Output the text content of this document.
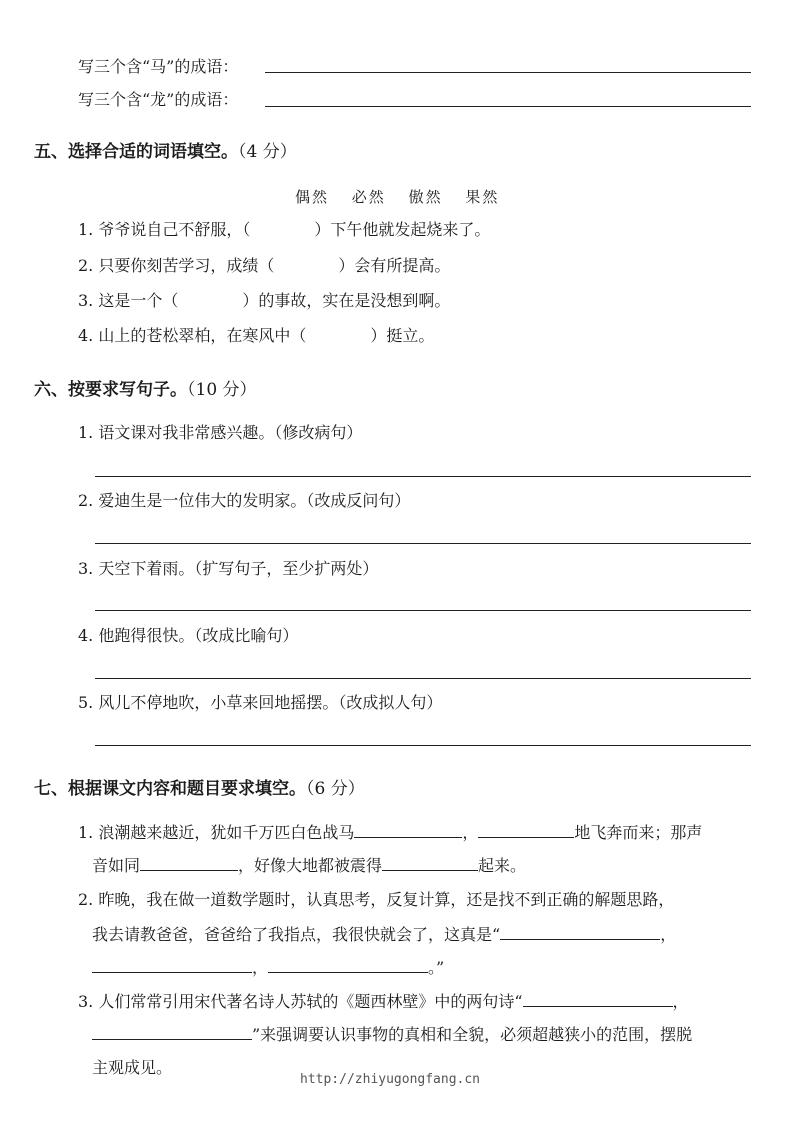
写三个含“马”的成语：
写三个含“龙”的成语：
五、选择合适的词语填空。（4 分）
偶然 必然 傲然 果然
1. 爷爷说自己不舒服，（	）下午他就发起烧来了。
2. 只要你刻苦学习，成绩（	）会有所提高。
3. 这是一个（	）的事故，实在是没想到啊。
4. 山上的苍松翠柏，在寒风中（	）挺立。
六、按要求写句子。（10 分）
1. 语文课对我非常感兴趣。（修改病句）
2. 爱迪生是一位伟大的发明家。（改成反问句）
3. 天空下着雨。（扩写句子，至少扩两处）
4. 他跑得很快。（改成比喻句）
5. 风儿不停地吹，小草来回地摇摆。（改成拟人句）
七、根据课文内容和题目要求填空。（6 分）
1. 浪潮越来越近，犹如千万匹白色战马	，	地飞奔而来；那声
音如同	，好像大地都被震得	起来。
2. 昨晚，我在做一道数学题时，认真思考，反复计算，还是找不到正确的解题思路，
我去请教爸爸，爸爸给了我指点，我很快就会了，这真是“	，
，	。”
3. 人们常常引用宋代著名诗人苏轼的《题西林壁》中的两句诗“	，
”来强调要认识事物的真相和全貌，必须超越狭小的范围，摆脱
主观成见。
http://zhiyugongfang.cn
